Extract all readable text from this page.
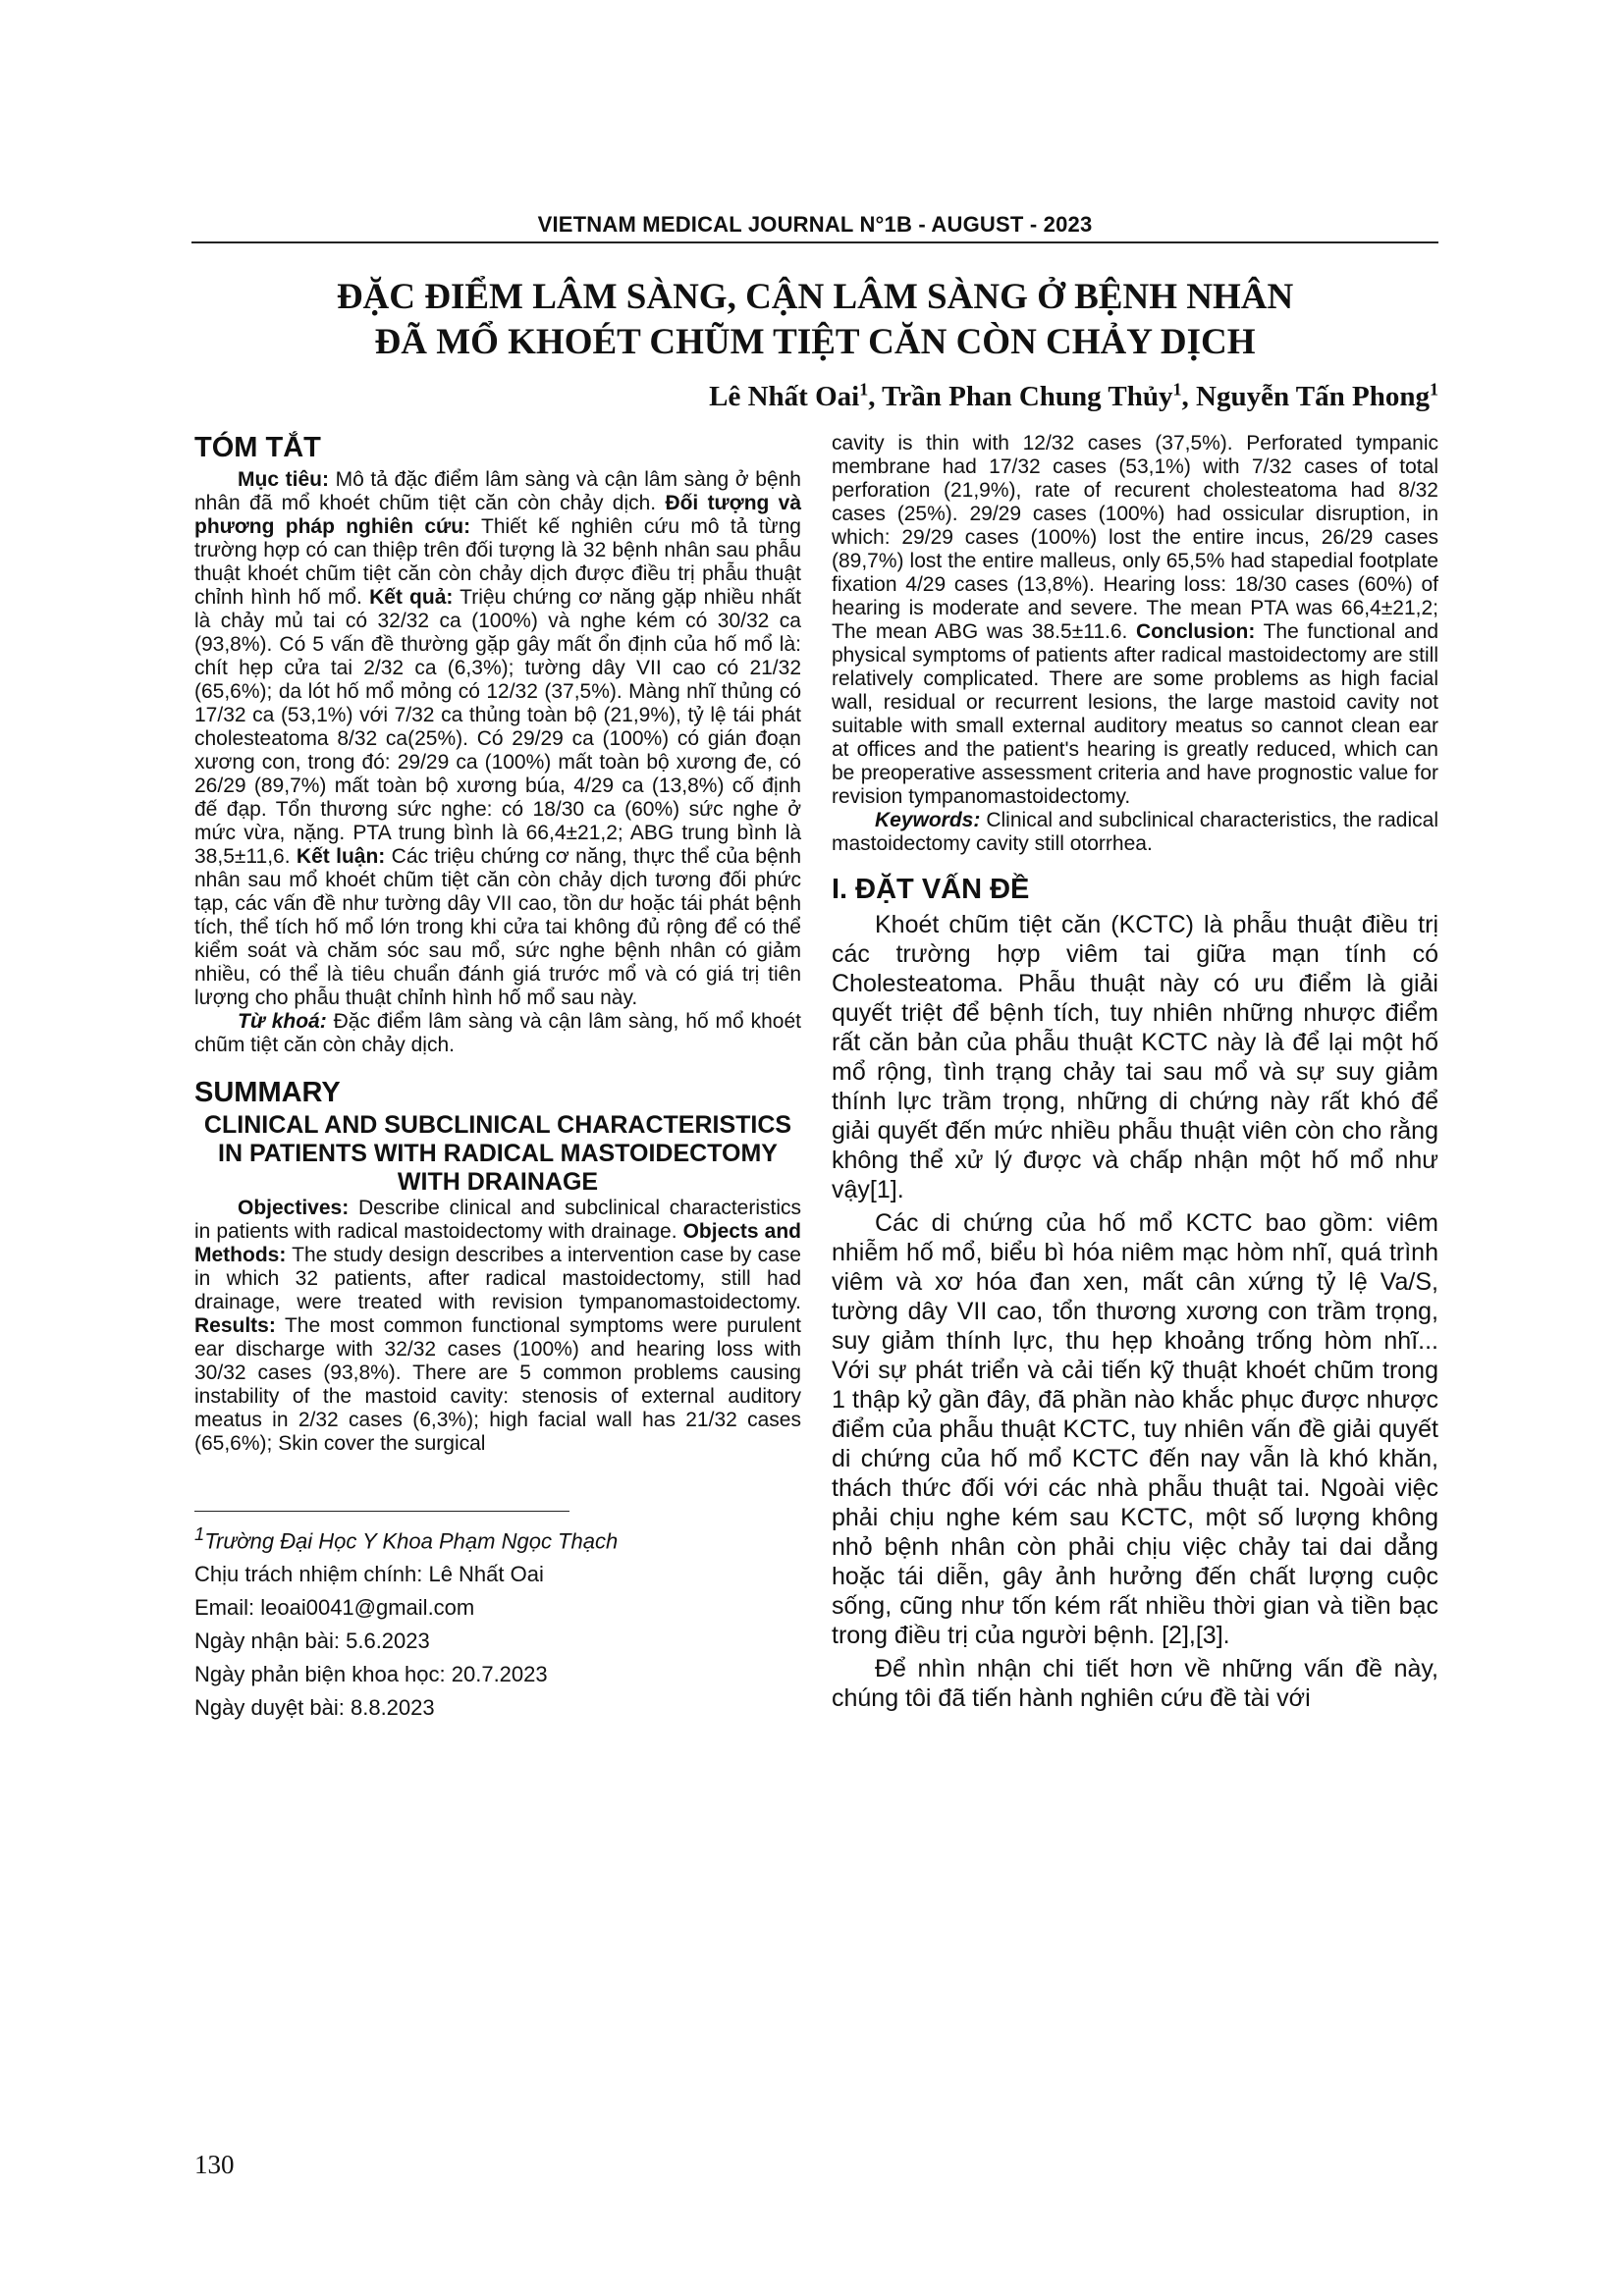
VIETNAM MEDICAL JOURNAL N°1B - AUGUST - 2023
ĐẶC ĐIỂM LÂM SÀNG, CẬN LÂM SÀNG Ở BỆNH NHÂN
ĐÃ MỔ KHOÉT CHŨM TIỆT CĂN CÒN CHẢY DỊCH
Lê Nhất Oai$^1$, Trần Phan Chung Thủy$^1$, Nguyễn Tấn Phong$^1$
TÓM TẮT

Mục tiêu: Mô tả đặc điểm lâm sàng và cận lâm sàng ở bệnh nhân đã mổ khoét chũm tiệt căn còn chảy dịch. Đối tượng và phương pháp nghiên cứu: Thiết kế nghiên cứu mô tả từng trường hợp có can thiệp trên đối tượng là 32 bệnh nhân sau phẫu thuật khoét chũm tiệt căn còn chảy dịch được điều trị phẫu thuật chỉnh hình hố mổ. Kết quả: Triệu chứng cơ năng gặp nhiều nhất là chảy mủ tai có 32/32 ca (100%) và nghe kém có 30/32 ca (93,8%). Có 5 vấn đề thường gặp gây mất ổn định của hố mổ là: chít hẹp cửa tai 2/32 ca (6,3%); tường dây VII cao có 21/32 (65,6%); da lót hố mổ mỏng có 12/32 (37,5%). Màng nhĩ thủng có 17/32 ca (53,1%) với 7/32 ca thủng toàn bộ (21,9%), tỷ lệ tái phát cholesteatoma 8/32 ca(25%). Có 29/29 ca (100%) có gián đoạn xương con, trong đó: 29/29 ca (100%) mất toàn bộ xương đe, có 26/29 (89,7%) mất toàn bộ xương búa, 4/29 ca (13,8%) cố định đế đạp. Tổn thương sức nghe: có 18/30 ca (60%) sức nghe ở mức vừa, nặng. PTA trung bình là 66,4±21,2; ABG trung bình là 38,5±11,6. Kết luận: Các triệu chứng cơ năng, thực thể của bệnh nhân sau mổ khoét chũm tiệt căn còn chảy dịch tương đối phức tạp, các vấn đề như tường dây VII cao, tồn dư hoặc tái phát bệnh tích, thể tích hố mổ lớn trong khi cửa tai không đủ rộng để có thể kiểm soát và chăm sóc sau mổ, sức nghe bệnh nhân có giảm nhiều, có thể là tiêu chuẩn đánh giá trước mổ và có giá trị tiên lượng cho phẫu thuật chỉnh hình hố mổ sau này.

Từ khoá: Đặc điểm lâm sàng và cận lâm sàng, hố mổ khoét chũm tiệt căn còn chảy dịch.

SUMMARY

CLINICAL AND SUBCLINICAL CHARACTERISTICS IN PATIENTS WITH RADICAL MASTOIDECTOMY WITH DRAINAGE

Objectives: Describe clinical and subclinical characteristics in patients with radical mastoidectomy with drainage. Objects and Methods: The study design describes a intervention case by case in which 32 patients, after radical mastoidectomy, still had drainage, were treated with revision tympanomastoidectomy. Results: The most common functional symptoms were purulent ear discharge with 32/32 cases (100%) and hearing loss with 30/32 cases (93,8%). There are 5 common problems causing instability of the mastoid cavity: stenosis of external auditory meatus in 2/32 cases (6,3%); high facial wall has 21/32 cases (65,6%); Skin cover the surgical

$^1$Trường Đại Học Y Khoa Phạm Ngọc Thạch

Chịu trách nhiệm chính: Lê Nhất Oai

Email: leoai0041@gmail.com

Ngày nhận bài: 5.6.2023

Ngày phản biện khoa học: 20.7.2023

Ngày duyệt bài: 8.8.2023

cavity is thin with 12/32 cases (37,5%). Perforated tympanic membrane had 17/32 cases (53,1%) with 7/32 cases of total perforation (21,9%), rate of recurent cholesteatoma had 8/32 cases (25%). 29/29 cases (100%) had ossicular disruption, in which: 29/29 cases (100%) lost the entire incus, 26/29 cases (89,7%) lost the entire malleus, only 65,5% had stapedial footplate fixation 4/29 cases (13,8%). Hearing loss: 18/30 cases (60%) of hearing is moderate and severe. The mean PTA was 66,4±21,2; The mean ABG was 38.5±11.6. Conclusion: The functional and physical symptoms of patients after radical mastoidectomy are still relatively complicated. There are some problems as high facial wall, residual or recurrent lesions, the large mastoid cavity not suitable with small external auditory meatus so cannot clean ear at offices and the patient's hearing is greatly reduced, which can be preoperative assessment criteria and have prognostic value for revision tympanomastoidectomy.

Keywords: Clinical and subclinical characteristics, the radical mastoidectomy cavity still otorrhea.

I. ĐẶT VẤN ĐỀ

Khoét chũm tiệt căn (KCTC) là phẫu thuật điều trị các trường hợp viêm tai giữa mạn tính có Cholesteatoma. Phẫu thuật này có ưu điểm là giải quyết triệt để bệnh tích, tuy nhiên những nhược điểm rất căn bản của phẫu thuật KCTC này là để lại một hố mổ rộng, tình trạng chảy tai sau mổ và sự suy giảm thính lực trầm trọng, những di chứng này rất khó để giải quyết đến mức nhiều phẫu thuật viên còn cho rằng không thể xử lý được và chấp nhận một hố mổ như vậy[1].

Các di chứng của hố mổ KCTC bao gồm: viêm nhiễm hố mổ, biểu bì hóa niêm mạc hòm nhĩ, quá trình viêm và xơ hóa đan xen, mất cân xứng tỷ lệ Va/S, tường dây VII cao, tổn thương xương con trầm trọng, suy giảm thính lực, thu hẹp khoảng trống hòm nhĩ... Với sự phát triển và cải tiến kỹ thuật khoét chũm trong 1 thập kỷ gần đây, đã phần nào khắc phục được nhược điểm của phẫu thuật KCTC, tuy nhiên vấn đề giải quyết di chứng của hố mổ KCTC đến nay vẫn là khó khăn, thách thức đối với các nhà phẫu thuật tai. Ngoài việc phải chịu nghe kém sau KCTC, một số lượng không nhỏ bệnh nhân còn phải chịu việc chảy tai dai dẳng hoặc tái diễn, gây ảnh hưởng đến chất lượng cuộc sống, cũng như tốn kém rất nhiều thời gian và tiền bạc trong điều trị của người bệnh. [2],[3].

Để nhìn nhận chi tiết hơn về những vấn đề này, chúng tôi đã tiến hành nghiên cứu đề tài với

130
